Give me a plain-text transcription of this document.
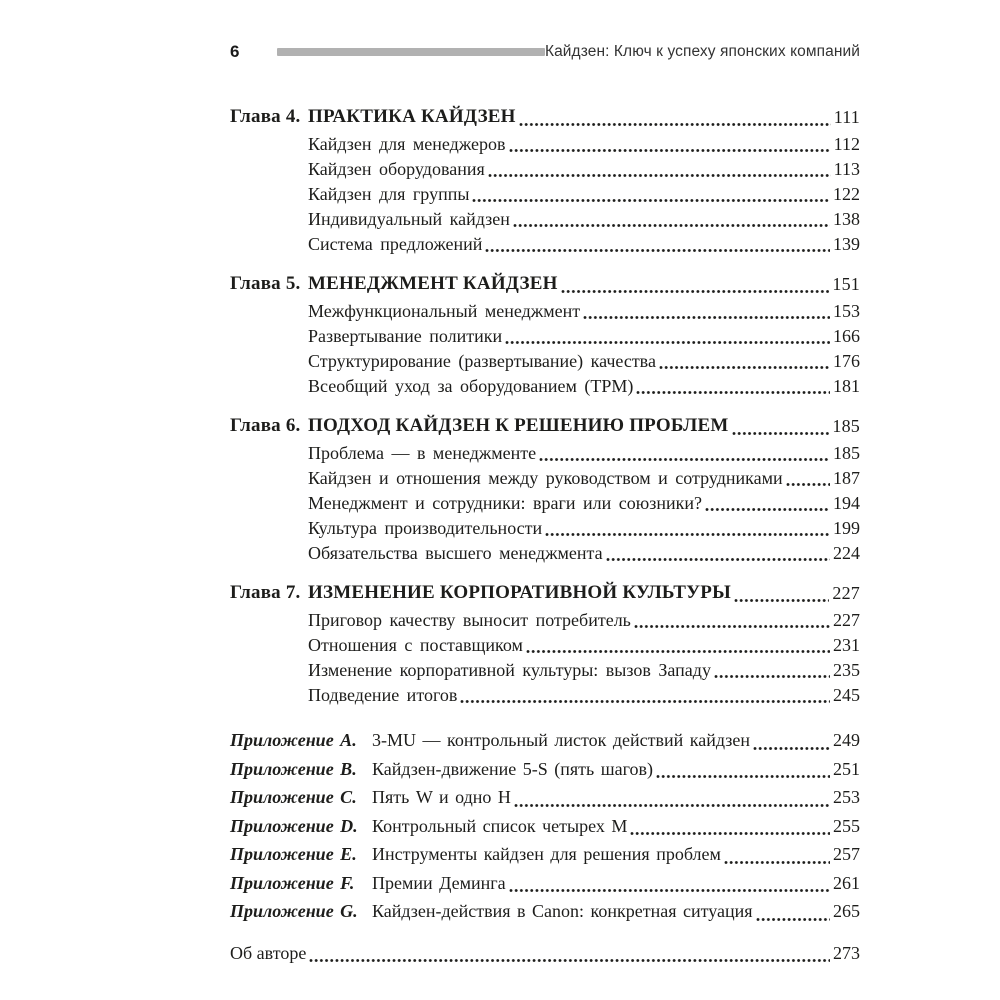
6	Кайдзен: Ключ к успеху японских компаний
Глава 4. ПРАКТИКА КАЙДЗЕН	111
Кайдзен для менеджеров	112
Кайдзен оборудования	113
Кайдзен для группы	122
Индивидуальный кайдзен	138
Система предложений	139
Глава 5. МЕНЕДЖМЕНТ КАЙДЗЕН	151
Межфункциональный менеджмент	153
Развертывание политики	166
Структурирование (развертывание) качества	176
Всеобщий уход за оборудованием (TPM)	181
Глава 6. ПОДХОД КАЙДЗЕН К РЕШЕНИЮ ПРОБЛЕМ	185
Проблема — в менеджменте	185
Кайдзен и отношения между руководством и сотрудниками	187
Менеджмент и сотрудники: враги или союзники?	194
Культура производительности	199
Обязательства высшего менеджмента	224
Глава 7. ИЗМЕНЕНИЕ КОРПОРАТИВНОЙ КУЛЬТУРЫ	227
Приговор качеству выносит потребитель	227
Отношения с поставщиком	231
Изменение корпоративной культуры: вызов Западу	235
Подведение итогов	245
Приложение A. 3-MU — контрольный листок действий кайдзен	249
Приложение B. Кайдзен-движение 5-S (пять шагов)	251
Приложение C. Пять W и одно H	253
Приложение D. Контрольный список четырех M	255
Приложение E. Инструменты кайдзен для решения проблем	257
Приложение F. Премии Деминга	261
Приложение G. Кайдзен-действия в Canon: конкретная ситуация	265
Об авторе	273
